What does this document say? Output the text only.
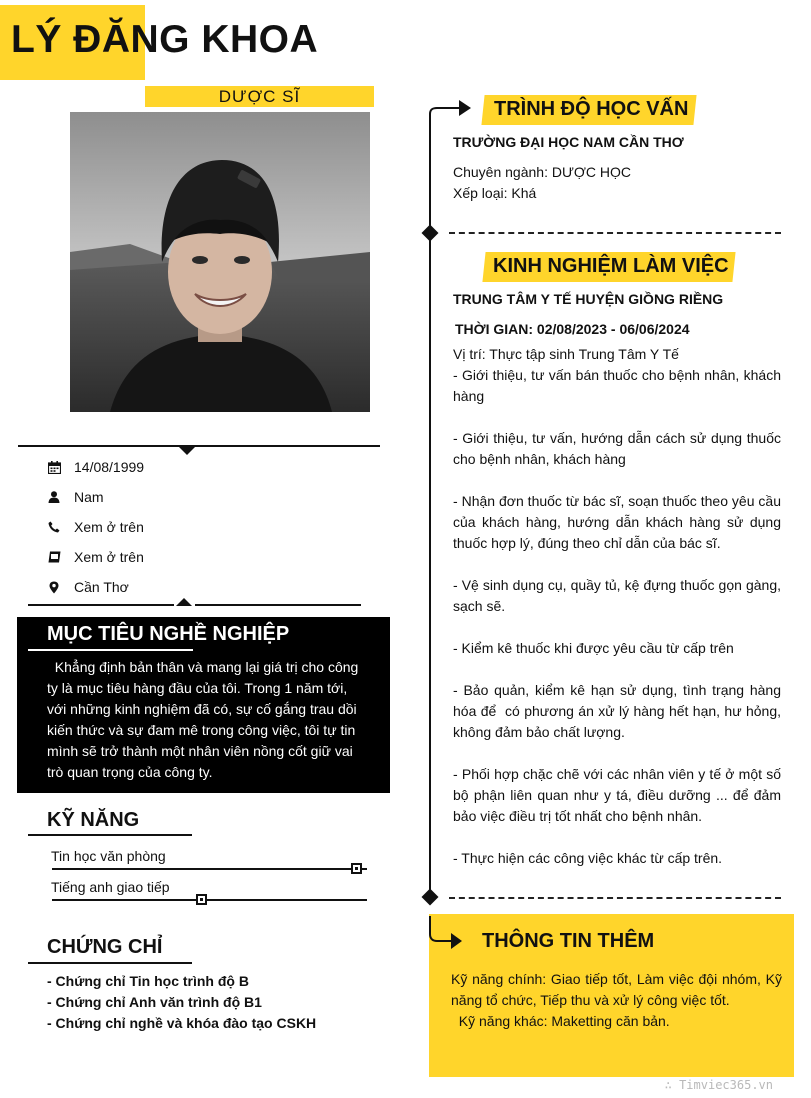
LÝ ĐĂNG KHOA
DƯỢC SĨ
14/08/1999
Nam
Xem ở trên
Xem ở trên
Cần Thơ
MỤC TIÊU NGHỀ NGHIỆP
Khẳng định bản thân và mang lại giá trị cho công ty là mục tiêu hàng đầu của tôi. Trong 1 năm tới, với những kinh nghiệm đã có, sự cố gắng trau dồi kiến thức và sự đam mê trong công việc, tôi tự tin mình sẽ trở thành một nhân viên nồng cốt giữ vai trò quan trọng của công ty.
KỸ NĂNG
Tin học văn phòng
Tiếng anh giao tiếp
CHỨNG CHỈ
- Chứng chỉ Tin học trình độ B
- Chứng chỉ Anh văn trình độ B1
- Chứng chỉ nghề và khóa đào tạo CSKH
TRÌNH ĐỘ HỌC VẤN
TRƯỜNG ĐẠI HỌC NAM CẦN THƠ
Chuyên ngành: DƯỢC HỌC
Xếp loại: Khá
KINH NGHIỆM LÀM VIỆC
TRUNG TÂM Y TẾ HUYỆN GIỒNG RIỀNG
THỜI GIAN: 02/08/2023 - 06/06/2024
Vị trí: Thực tập sinh Trung Tâm Y Tế

- Giới thiệu, tư vấn bán thuốc cho bệnh nhân, khách hàng

- Giới thiệu, tư vấn, hướng dẫn cách sử dụng thuốc cho bệnh nhân, khách hàng

- Nhận đơn thuốc từ bác sĩ, soạn thuốc theo yêu cầu của khách hàng, hướng dẫn khách hàng sử dụng thuốc hợp lý, đúng theo chỉ dẫn của bác sĩ.

- Vệ sinh dụng cụ, quầy tủ, kệ đựng thuốc gọn gàng, sạch sẽ.

- Kiểm kê thuốc khi được yêu cầu từ cấp trên

- Bảo quản, kiểm kê hạn sử dụng, tình trạng hàng hóa để  có phương án xử lý hàng hết hạn, hư hỏng, không đảm bảo chất lượng.

- Phối hợp chặc chẽ với các nhân viên y tế ở một số bộ phận liên quan như y tá, điều dưỡng ... để đảm bảo việc điều trị tốt nhất cho bệnh nhân.

- Thực hiện các công việc khác từ cấp trên.

THÔNG TIN THÊM
Kỹ năng chính: Giao tiếp tốt, Làm việc đội nhóm, Kỹ năng tổ chức, Tiếp thu và xử lý công việc tốt.
Kỹ năng khác: Maketting căn bản.
∴ Timviec365.vn
